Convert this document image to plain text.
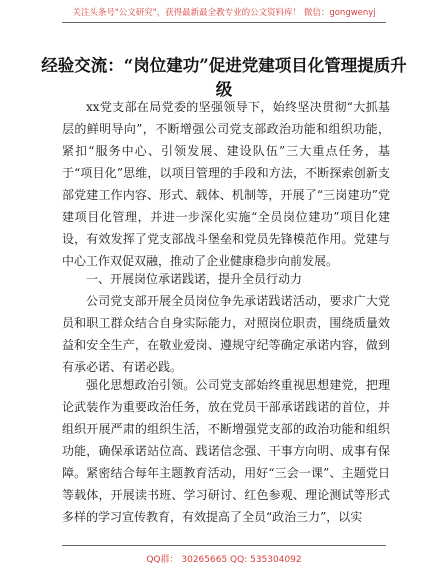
关注头条号"公文研究"，获得最新最全教专业的公文资料库！ 微信：gongwenyj
经验交流：“岗位建功”促进党建项目化管理提质升级

xx党支部在局党委的坚强领导下，始终坚决贯彻“大抓基层的鲜明导向”，不断增强公司党支部政治功能和组织功能，紧扣“服务中心、引领发展、建设队伍”三大重点任务，基于“项目化”思维，以项目管理的手段和方法，不断探索创新支部党建工作内容、形式、载体、机制等，开展了“三岗建功”党建项目化管理，并进一步深化实施“全员岗位建功”项目化建设，有效发挥了党支部战斗堡垒和党员先锋模范作用。党建与中心工作双促双融，推动了企业健康稳步向前发展。

一、开展岗位承诺践诺，提升全员行动力

公司党支部开展全员岗位争先承诺践诺活动，要求广大党员和职工群众结合自身实际能力，对照岗位职责，围绕质量效益和安全生产，在敬业爱岗、遵规守纪等确定承诺内容，做到有承必诺、有诺必践。

强化思想政治引领。公司党支部始终重视思想建党，把理论武装作为重要政治任务，放在党员干部承诺践诺的首位，并组织开展严肃的组织生活，不断增强党支部的政治功能和组织功能，确保承诺站位高、践诺信念强、干事方向明、成事有保障。紧密结合每年主题教育活动，用好“三会一课”、主题党日等载体，开展读书班、学习研讨、红色参观、理论测试等形式多样的学习宣传教育，有效提高了全员“政治三力”，以实

QQ群： 30265665 QQ: 535304092
